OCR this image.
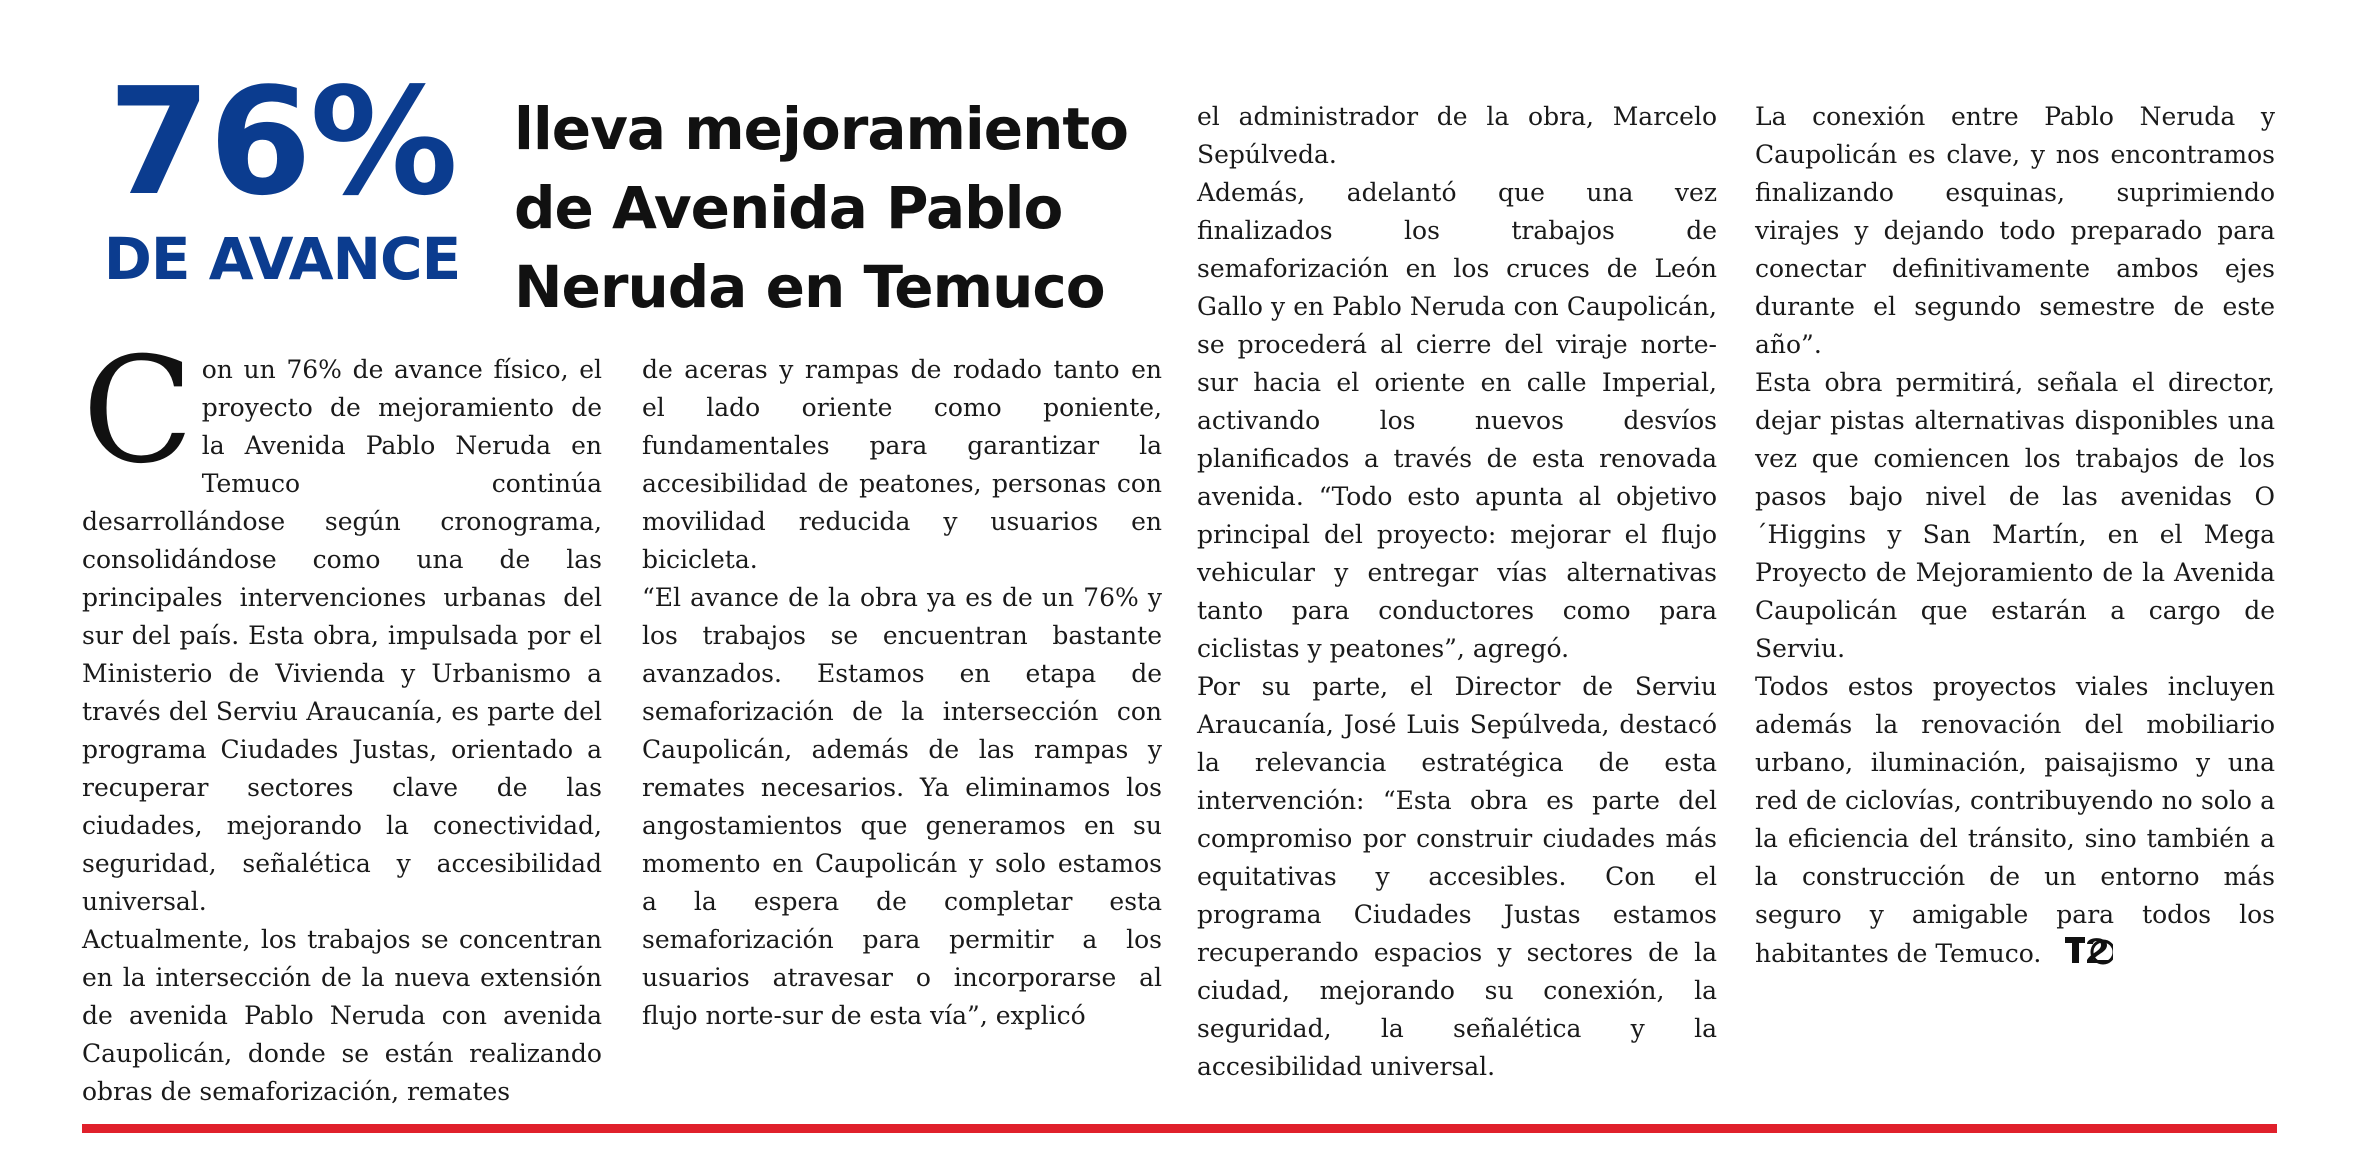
76%
DE AVANCE
lleva mejoramiento
de Avenida Pablo
Neruda en Temuco

Con un 76% de avance físico, el proyecto de mejoramiento de la Avenida Pablo Neruda en Temuco continúa desarrollándose según cronograma, consolidándose como una de las principales intervenciones urbanas del sur del país. Esta obra, impulsada por el Ministerio de Vivienda y Urbanismo a través del Serviu Araucanía, es parte del programa Ciudades Justas, orientado a recuperar sectores clave de las ciudades, mejorando la conectividad, seguridad, señalética y accesibilidad universal.

Actualmente, los trabajos se concentran en la intersección de la nueva extensión de avenida Pablo Neruda con avenida Caupolicán, donde se están realizando obras de semaforización, remates

de aceras y rampas de rodado tanto en el lado oriente como poniente, fundamentales para garantizar la accesibilidad de peatones, personas con movilidad reducida y usuarios en bicicleta.

“El avance de la obra ya es de un 76% y los trabajos se encuentran bastante avanzados. Estamos en etapa de semaforización de la intersección con Caupolicán, además de las rampas y remates necesarios. Ya eliminamos los angostamientos que generamos en su momento en Caupolicán y solo estamos a la espera de completar esta semaforización para permitir a los usuarios atravesar o incorporarse al flujo norte-sur de esta vía”, explicó

el administrador de la obra, Marcelo Sepúlveda.

Además, adelantó que una vez finalizados los trabajos de semaforización en los cruces de León Gallo y en Pablo Neruda con Caupolicán, se procederá al cierre del viraje norte-sur hacia el oriente en calle Imperial, activando los nuevos desvíos planificados a través de esta renovada avenida. “Todo esto apunta al objetivo principal del proyecto: mejorar el flujo vehicular y entregar vías alternativas tanto para conductores como para ciclistas y peatones”, agregó.

Por su parte, el Director de Serviu Araucanía, José Luis Sepúlveda, destacó la relevancia estratégica de esta intervención: “Esta obra es parte del compromiso por construir ciudades más equitativas y accesibles. Con el programa Ciudades Justas estamos recuperando espacios y sectores de la ciudad, mejorando su conexión, la seguridad, la señalética y la accesibilidad universal.

La conexión entre Pablo Neruda y Caupolicán es clave, y nos encontramos finalizando esquinas, suprimiendo virajes y dejando todo preparado para conectar definitivamente ambos ejes durante el segundo semestre de este año”.

Esta obra permitirá, señala el director, dejar pistas alternativas disponibles una vez que comiencen los trabajos de los pasos bajo nivel de las avenidas O´Higgins y San Martín, en el Mega Proyecto de Mejoramiento de la Avenida Caupolicán que estarán a cargo de Serviu.

Todos estos proyectos viales incluyen además la renovación del mobiliario urbano, iluminación, paisajismo y una red de ciclovías, contribuyendo no solo a la eficiencia del tránsito, sino también a la construcción de un entorno más seguro y amigable para todos los habitantes de Temuco.
